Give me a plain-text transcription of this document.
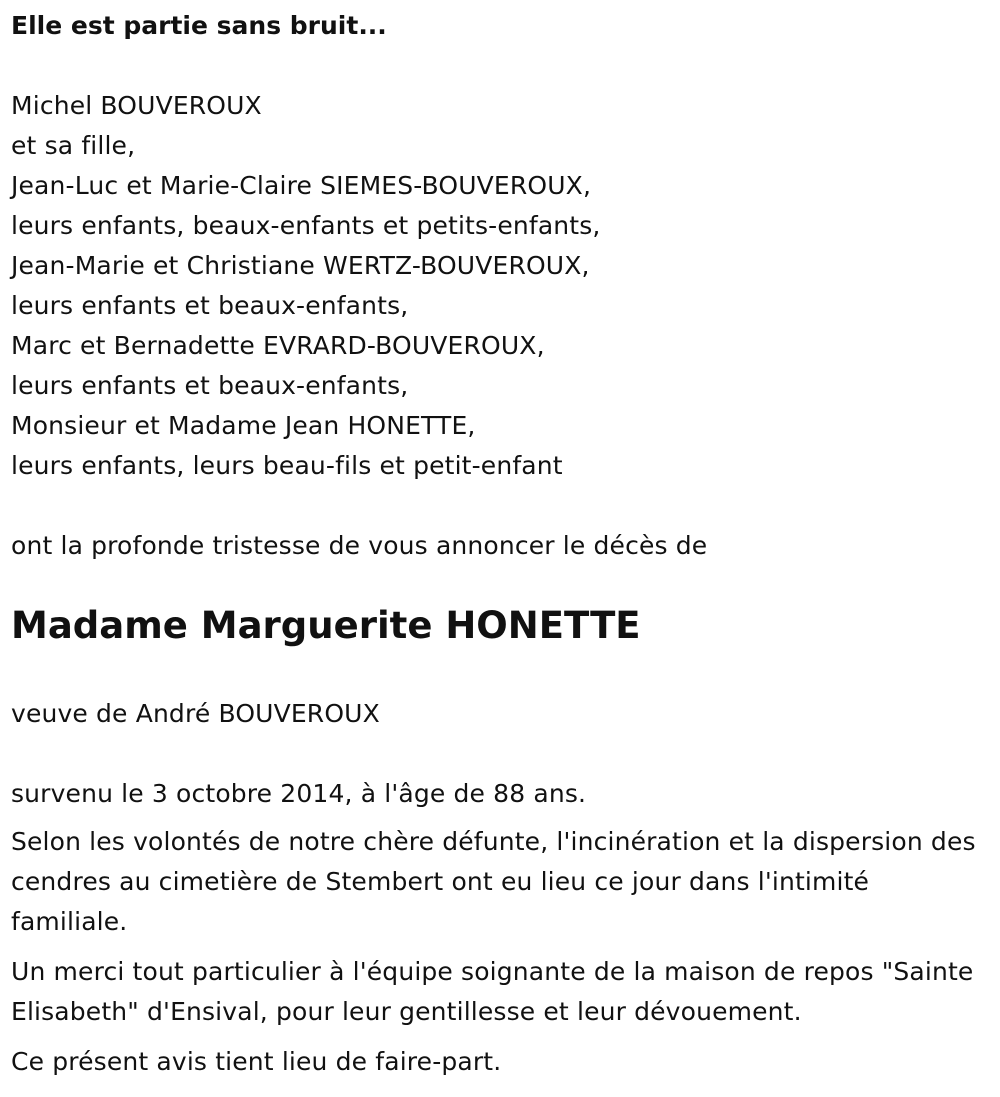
Elle est partie sans bruit...
Michel BOUVEROUX
et sa fille,
Jean-Luc et Marie-Claire SIEMES-BOUVEROUX,
leurs enfants, beaux-enfants et petits-enfants,
Jean-Marie et Christiane WERTZ-BOUVEROUX,
leurs enfants et beaux-enfants,
Marc et Bernadette EVRARD-BOUVEROUX,
leurs enfants et beaux-enfants,
Monsieur et Madame Jean HONETTE,
leurs enfants, leurs beau-fils et petit-enfant
ont la profonde tristesse de vous annoncer le décès de
Madame Marguerite HONETTE
veuve de André BOUVEROUX
survenu le 3 octobre 2014, à l'âge de 88 ans.
Selon les volontés de notre chère défunte, l'incinération et la dispersion des cendres au cimetière de Stembert ont eu lieu ce jour dans l'intimité familiale.
Un merci tout particulier à l'équipe soignante de la maison de repos "Sainte Elisabeth" d'Ensival, pour leur gentillesse et leur dévouement.
Ce présent avis tient lieu de faire-part.
